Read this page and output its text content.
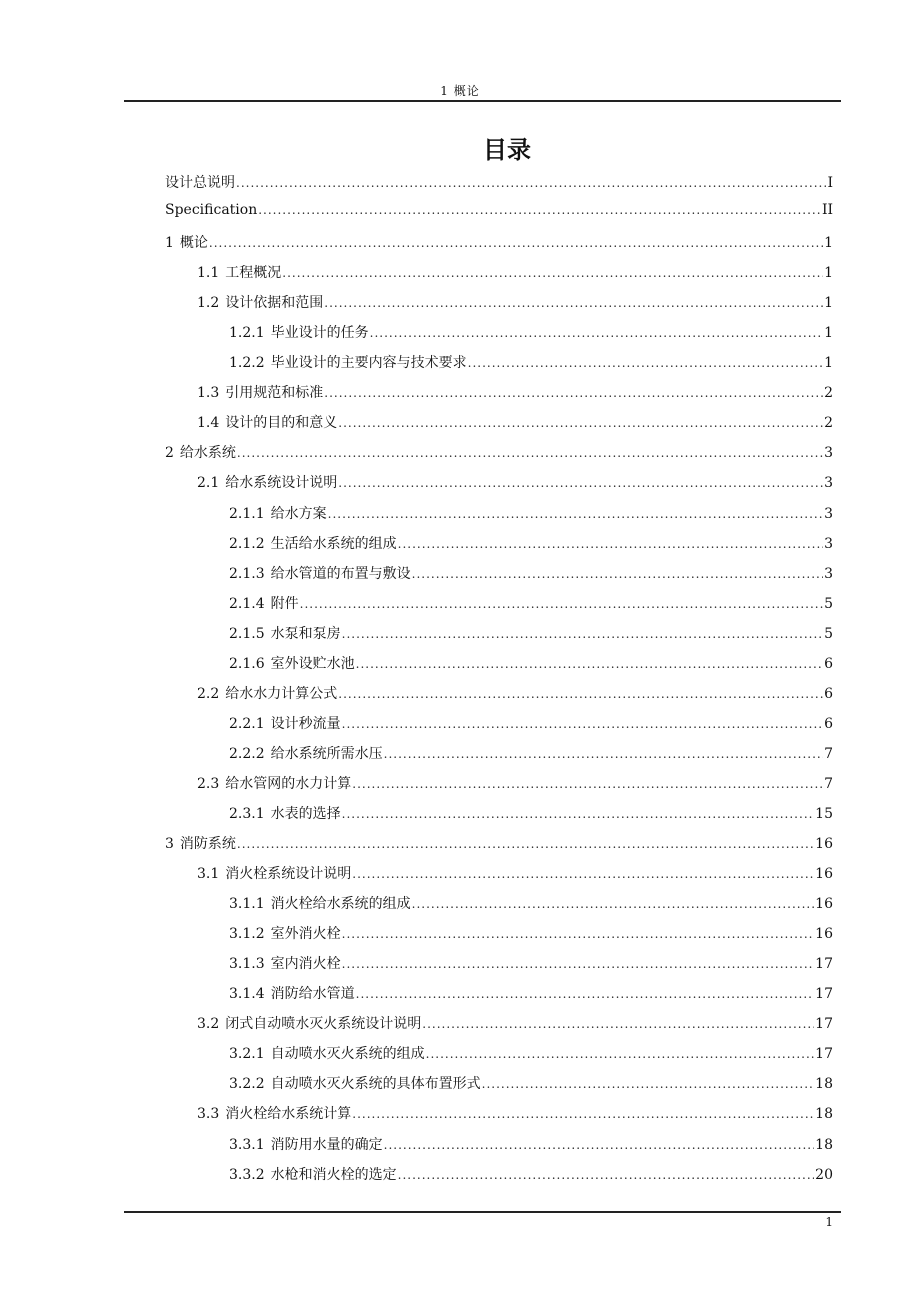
1 概论
目录
设计总说明 .....	I
Specification .....	II
1 概论 .....	1
1.1 工程概况 .....	1
1.2 设计依据和范围 .....	1
1.2.1 毕业设计的任务 .....	1
1.2.2 毕业设计的主要内容与技术要求 .....	1
1.3 引用规范和标准 .....	2
1.4 设计的目的和意义 .....	2
2 给水系统 .....	3
2.1 给水系统设计说明 .....	3
2.1.1 给水方案 .....	3
2.1.2 生活给水系统的组成 .....	3
2.1.3 给水管道的布置与敷设 .....	3
2.1.4 附件 .....	5
2.1.5 水泵和泵房 .....	5
2.1.6 室外设贮水池 .....	6
2.2 给水水力计算公式 .....	6
2.2.1 设计秒流量 .....	6
2.2.2 给水系统所需水压 .....	7
2.3 给水管网的水力计算 .....	7
2.3.1 水表的选择 .....	15
3 消防系统 .....	16
3.1 消火栓系统设计说明 .....	16
3.1.1 消火栓给水系统的组成 .....	16
3.1.2 室外消火栓 .....	16
3.1.3 室内消火栓 .....	17
3.1.4 消防给水管道 .....	17
3.2 闭式自动喷水灭火系统设计说明 .....	17
3.2.1 自动喷水灭火系统的组成 .....	17
3.2.2 自动喷水灭火系统的具体布置形式 .....	18
3.3 消火栓给水系统计算 .....	18
3.3.1 消防用水量的确定 .....	18
3.3.2 水枪和消火栓的选定 .....	20
1
